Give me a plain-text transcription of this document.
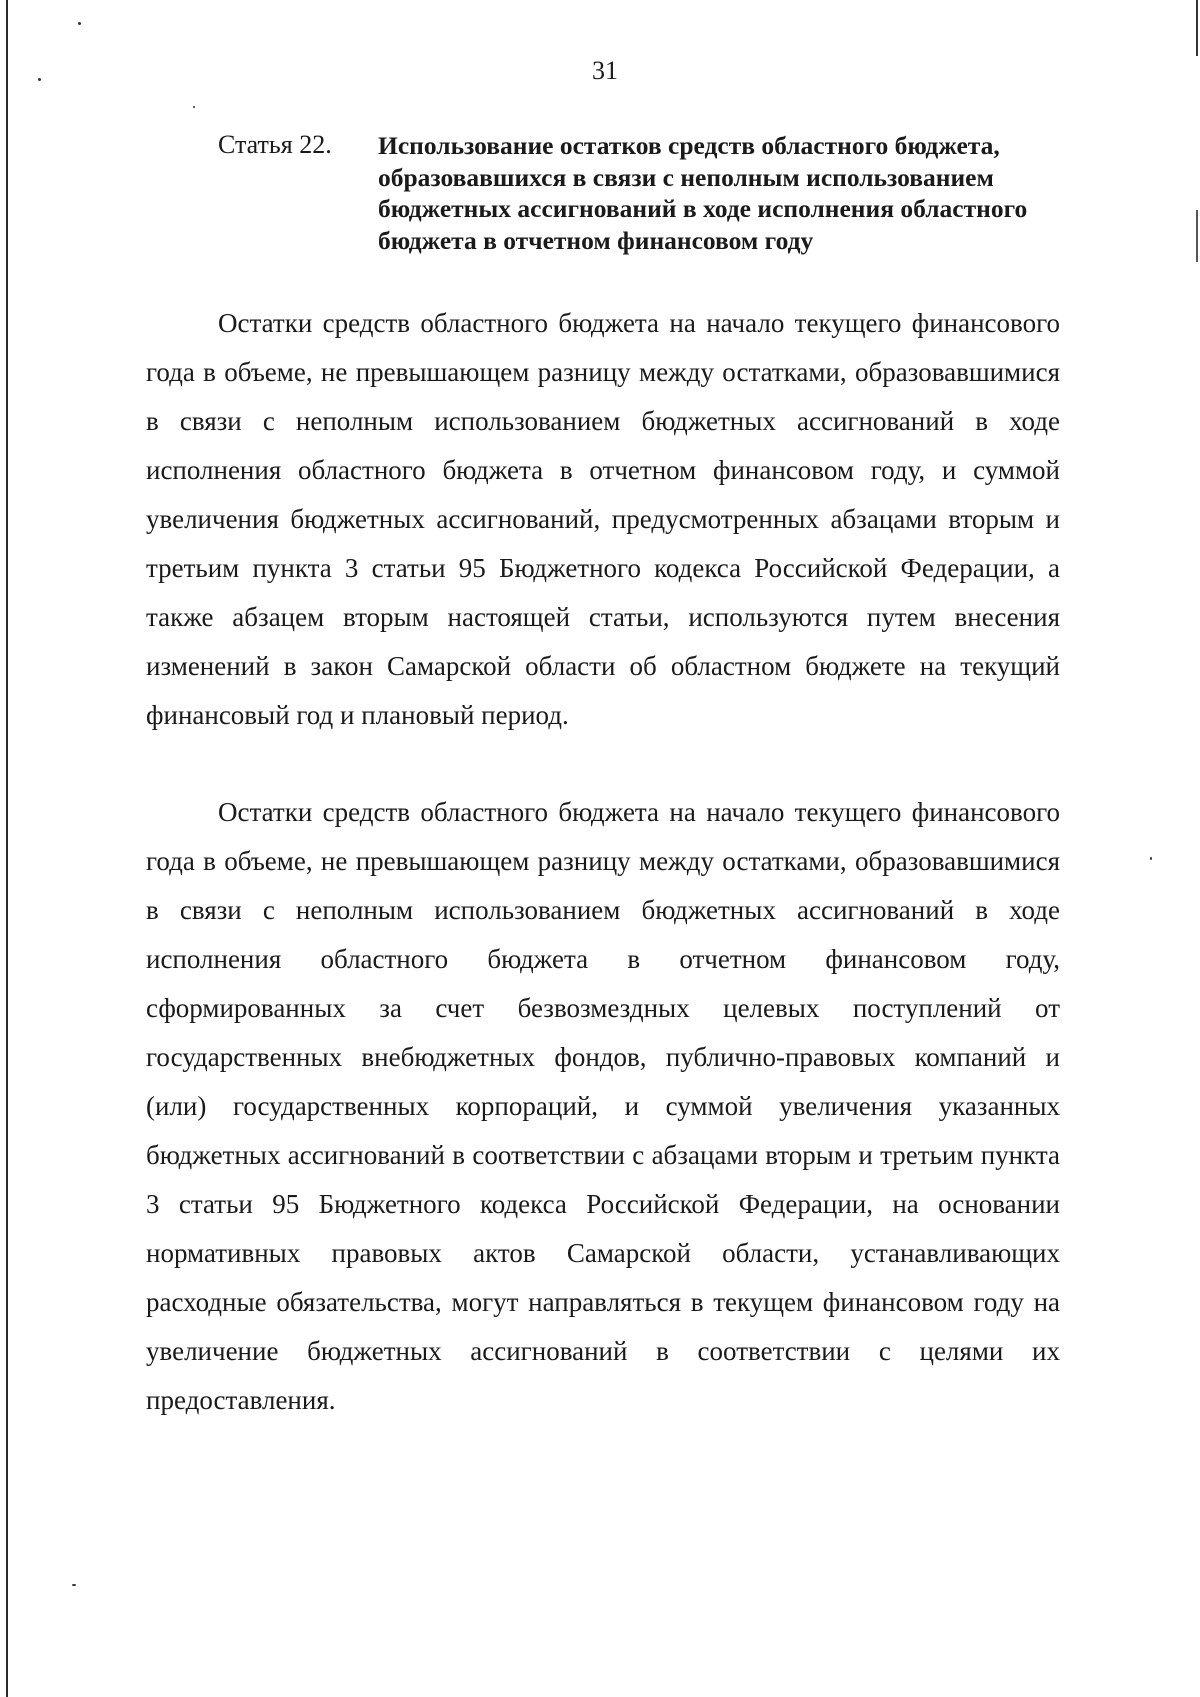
31
Статья 22. Использование остатков средств областного бюджета, образовавшихся в связи с неполным использованием бюджетных ассигнований в ходе исполнения областного бюджета в отчетном финансовом году

Остатки средств областного бюджета на начало текущего финансового года в объеме, не превышающем разницу между остатками, образовавшимися в связи с неполным использованием бюджетных ассигнований в ходе исполнения областного бюджета в отчетном финансовом году, и суммой увеличения бюджетных ассигнований, предусмотренных абзацами вторым и третьим пункта 3 статьи 95 Бюджетного кодекса Российской Федерации, а также абзацем вторым настоящей статьи, используются путем внесения изменений в закон Самарской области об областном бюджете на текущий финансовый год и плановый период.

Остатки средств областного бюджета на начало текущего финансового года в объеме, не превышающем разницу между остатками, образовавшимися в связи с неполным использованием бюджетных ассигнований в ходе исполнения областного бюджета в отчетном финансовом году, сформированных за счет безвозмездных целевых поступлений от государственных внебюджетных фондов, публично-правовых компаний и (или) государственных корпораций, и суммой увеличения указанных бюджетных ассигнований в соответствии с абзацами вторым и третьим пункта 3 статьи 95 Бюджетного кодекса Российской Федерации, на основании нормативных правовых актов Самарской области, устанавливающих расходные обязательства, могут направляться в текущем финансовом году на увеличение бюджетных ассигнований в соответствии с целями их предоставления.
